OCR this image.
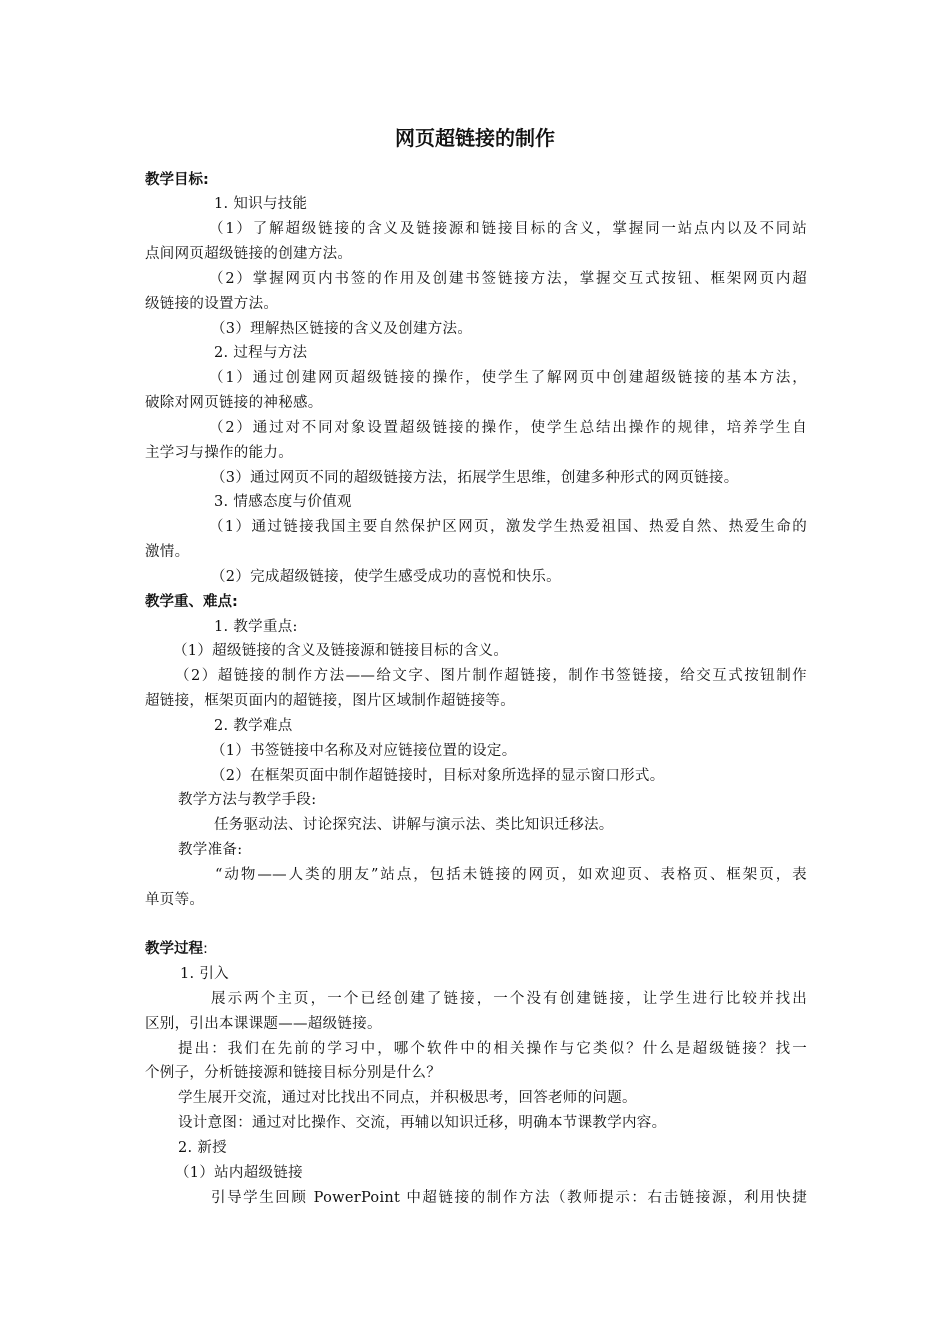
网页超链接的制作
教学目标:
1. 知识与技能
（1）了解超级链接的含义及链接源和链接目标的含义，掌握同一站点内以及不同站
点间网页超级链接的创建方法。
（2）掌握网页内书签的作用及创建书签链接方法，掌握交互式按钮、框架网页内超
级链接的设置方法。
（3）理解热区链接的含义及创建方法。
2. 过程与方法
（1）通过创建网页超级链接的操作，使学生了解网页中创建超级链接的基本方法，
破除对网页链接的神秘感。
（2）通过对不同对象设置超级链接的操作，使学生总结出操作的规律，培养学生自
主学习与操作的能力。
（3）通过网页不同的超级链接方法，拓展学生思维，创建多种形式的网页链接。
3. 情感态度与价值观
（1）通过链接我国主要自然保护区网页，激发学生热爱祖国、热爱自然、热爱生命的
激情。
（2）完成超级链接，使学生感受成功的喜悦和快乐。
教学重、难点:
1. 教学重点:
（1）超级链接的含义及链接源和链接目标的含义。
（2）超链接的制作方法——给文字、图片制作超链接，制作书签链接，给交互式按钮制作
超链接，框架页面内的超链接，图片区域制作超链接等。
2. 教学难点
（1）书签链接中名称及对应链接位置的设定。
（2）在框架页面中制作超链接时，目标对象所选择的显示窗口形式。
教学方法与教学手段:
任务驱动法、讨论探究法、讲解与演示法、类比知识迁移法。
教学准备:
“动物——人类的朋友”站点，包括未链接的网页，如欢迎页、表格页、框架页，表
单页等。
教学过程:
1. 引入
展示两个主页，一个已经创建了链接，一个没有创建链接，让学生进行比较并找出
区别，引出本课课题——超级链接。
提出：我们在先前的学习中，哪个软件中的相关操作与它类似？什么是超级链接？找一
个例子，分析链接源和链接目标分别是什么？
学生展开交流，通过对比找出不同点，并积极思考，回答老师的问题。
设计意图：通过对比操作、交流，再辅以知识迁移，明确本节课教学内容。
2. 新授
（1）站内超级链接
引导学生回顾 PowerPoint 中超链接的制作方法（教师提示：右击链接源，利用快捷
